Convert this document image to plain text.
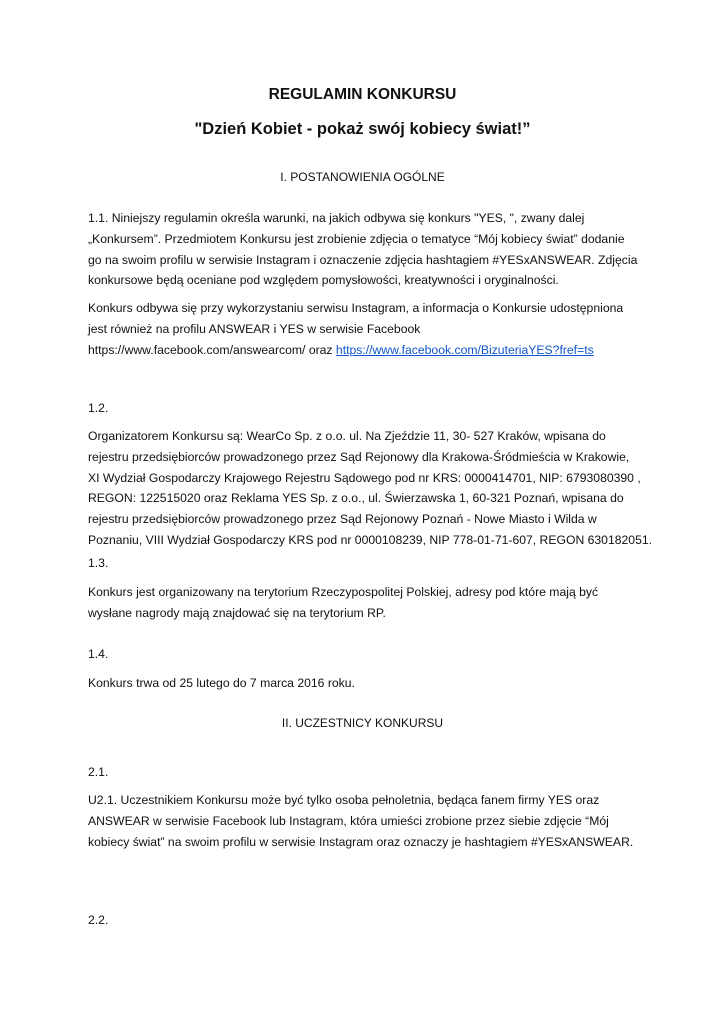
REGULAMIN KONKURSU
"Dzień Kobiet - pokaż swój kobiecy świat!”
I. POSTANOWIENIA OGÓLNE
1.1. Niniejszy regulamin określa warunki, na jakich odbywa się konkurs "YES, ", zwany dalej
„Konkursem”. Przedmiotem Konkursu jest zrobienie zdjęcia o tematyce “Mój kobiecy świat” dodanie
go na swoim profilu w serwisie Instagram i oznaczenie zdjęcia hashtagiem #YESxANSWEAR. Zdjęcia
konkursowe będą oceniane pod względem pomysłowości, kreatywności i oryginalności.
Konkurs odbywa się przy wykorzystaniu serwisu Instagram, a informacja o Konkursie udostępniona
jest również na profilu ANSWEAR i YES w serwisie Facebook
https://www.facebook.com/answearcom/ oraz https://www.facebook.com/BizuteriaYES?fref=ts
1.2.
Organizatorem Konkursu są: WearCo Sp. z o.o. ul. Na Zjeździe 11, 30- 527 Kraków, wpisana do
rejestru przedsiębiorców prowadzonego przez Sąd Rejonowy dla Krakowa-Śródmieścia w Krakowie,
XI Wydział Gospodarczy Krajowego Rejestru Sądowego pod nr KRS: 0000414701, NIP: 6793080390 ,
REGON: 122515020 oraz Reklama YES Sp. z o.o., ul. Świerzawska 1, 60-321 Poznań, wpisana do
rejestru przedsiębiorców prowadzonego przez Sąd Rejonowy Poznań - Nowe Miasto i Wilda w
Poznaniu, VIII Wydział Gospodarczy KRS pod nr 0000108239, NIP 778-01-71-607, REGON 630182051.
1.3.
Konkurs jest organizowany na terytorium Rzeczypospolitej Polskiej, adresy pod które mają być
wysłane nagrody mają znajdować się na terytorium RP.
1.4.
Konkurs trwa od 25 lutego do 7 marca 2016 roku.
II. UCZESTNICY KONKURSU
2.1.
U2.1. Uczestnikiem Konkursu może być tylko osoba pełnoletnia, będąca fanem firmy YES oraz
ANSWEAR w serwisie Facebook lub Instagram, która umieści zrobione przez siebie zdjęcie “Mój
kobiecy świat” na swoim profilu w serwisie Instagram oraz oznaczy je hashtagiem #YESxANSWEAR.
2.2.
